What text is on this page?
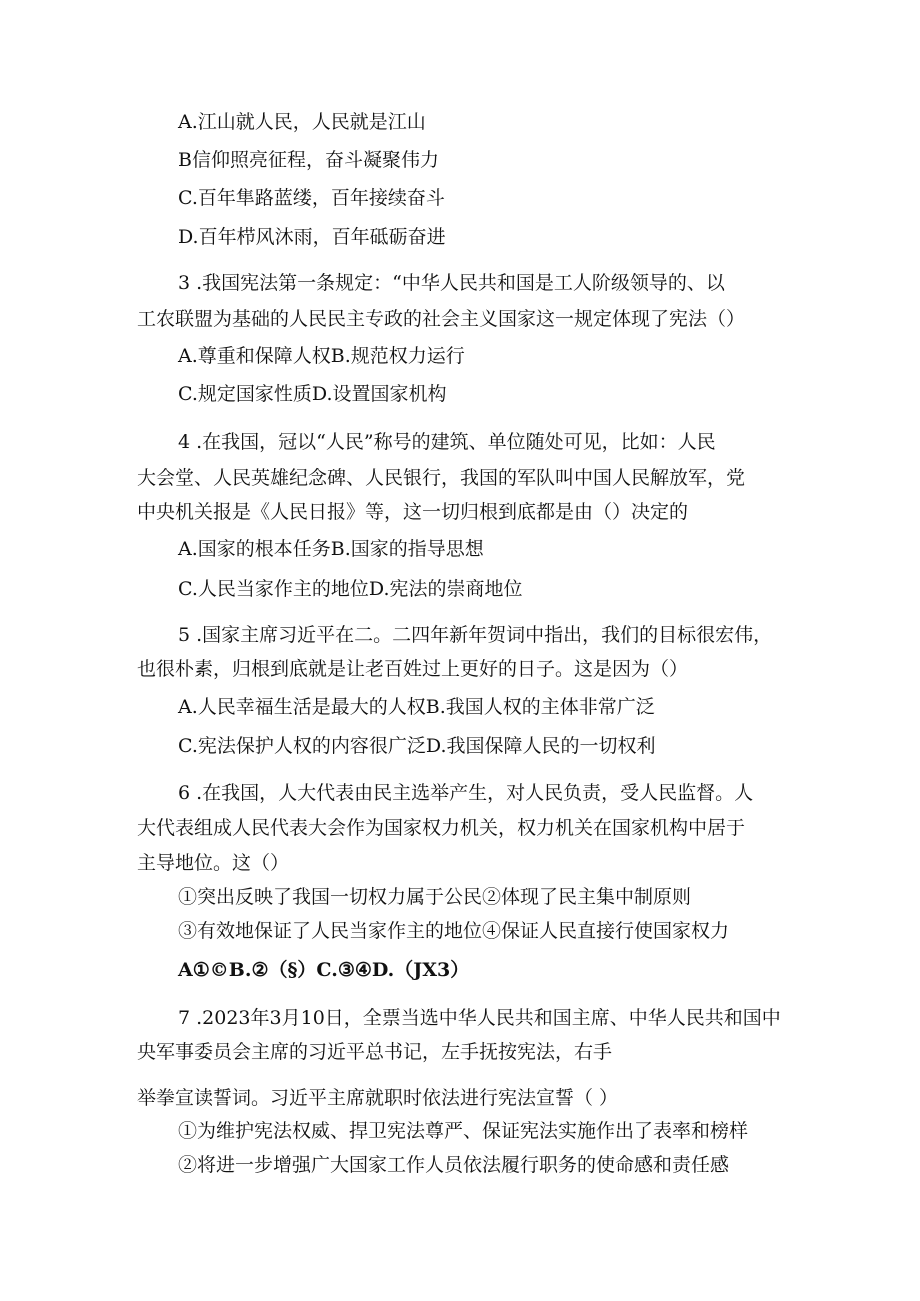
A.江山就人民，人民就是江山
B信仰照亮征程，奋斗凝聚伟力
C.百年隼路蓝缕，百年接续奋斗
D.百年栉风沐雨，百年砥砺奋进
3 .我国宪法第一条规定：“中华人民共和国是工人阶级领导的、以
工农联盟为基础的人民民主专政的社会主义国家这一规定体现了宪法（）
A.尊重和保障人权B.规范权力运行
C.规定国家性质D.设置国家机构
4 .在我国，冠以“人民”称号的建筑、单位随处可见，比如：人民
大会堂、人民英雄纪念碑、人民银行，我国的军队叫中国人民解放军，党
中央机关报是《人民日报》等，这一切归根到底都是由（）决定的
A.国家的根本任务B.国家的指导思想
C.人民当家作主的地位D.宪法的崇商地位
5 .国家主席习近平在二。二四年新年贺词中指出，我们的目标很宏伟，
也很朴素，归根到底就是让老百姓过上更好的日子。这是因为（）
A.人民幸福生活是最大的人权B.我国人权的主体非常广泛
C.宪法保护人权的内容很广泛D.我国保障人民的一切权利
6 .在我国，人大代表由民主选举产生，对人民负责，受人民监督。人
大代表组成人民代表大会作为国家权力机关，权力机关在国家机构中居于
主导地位。这（）
①突出反映了我国一切权力属于公民②体现了民主集中制原则
③有效地保证了人民当家作主的地位④保证人民直接行使国家权力
A①©B.②（§）C.③④D.（JX3）
7 .2023年3月10日，全票当选中华人民共和国主席、中华人民共和国中
央军事委员会主席的习近平总书记，左手抚按宪法，右手
举拳宣读誓词。习近平主席就职时依法进行宪法宣誓（ ）
①为维护宪法权威、捍卫宪法尊严、保证宪法实施作出了表率和榜样
②将进一步增强广大国家工作人员依法履行职务的使命感和责任感
